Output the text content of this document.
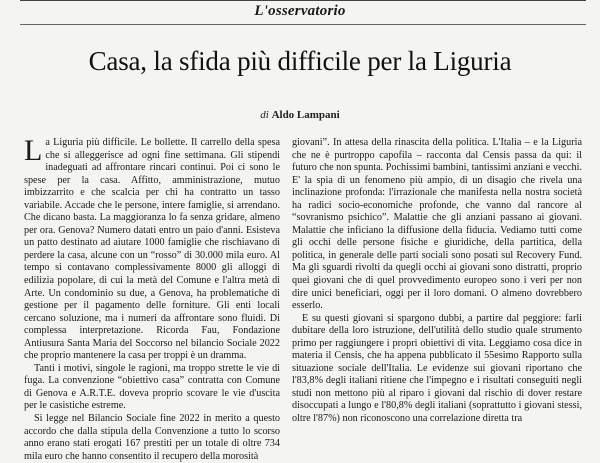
L'osservatorio
Casa, la sfida più difficile per la Liguria
di Aldo Lampani

La Liguria più difficile. Le bollette. Il carrello della spesa che si alleggerisce ad ogni fine settimana. Gli stipendi inadeguati ad affrontare rincari continui. Poi ci sono le spese per la casa. Affitto, amministrazione, mutuo imbizzarrito e che scalcia per chi ha contratto un tasso variabile. Accade che le persone, intere famiglie, si arrendano. Che dicano basta. La maggioranza lo fa senza gridare, almeno per ora. Genova? Numero datati entro un paio d'anni. Esisteva un patto destinato ad aiutare 1000 famiglie che rischiavano di perdere la casa, alcune con un “rosso” di 30.000 mila euro. Al tempo si contavano complessivamente 8000 gli alloggi di edilizia popolare, di cui la metà del Comune e l'altra metà di Arte. Un condominio su due, a Genova, ha problematiche di gestione per il pagamento delle forniture. Gli enti locali cercano soluzione, ma i numeri da affrontare sono fluidi. Di complessa interpretazione. Ricorda Fau, Fondazione Antiusura Santa Maria del Soccorso nel bilancio Sociale 2022 che proprio mantenere la casa per troppi è un dramma.

Tanti i motivi, singole le ragioni, ma troppo strette le vie di fuga. La convenzione “obiettivo casa” contratta con Comune di Genova e A.R.T.E. doveva proprio scovare le vie d'uscita per le casistiche estreme.

Si legge nel Bilancio Sociale fine 2022 in merito a questo accordo che dalla stipula della Convenzione a tutto lo scorso anno erano stati erogati 167 prestiti per un totale di oltre 734 mila euro che hanno consentito il recupero della morosità

giovani”. In attesa della rinascita della politica. L'Italia – e la Liguria che ne è purtroppo capofila – racconta dal Censis passa da qui: il futuro che non spunta. Pochissimi bambini, tantissimi anziani e vecchi. E' la spia di un fenomeno più ampio, di un disagio che rivela una inclinazione profonda: l'irrazionale che manifesta nella nostra società ha radici socio-economiche profonde, che vanno dal rancore al “sovranismo psichico”. Malattie che gli anziani passano ai giovani. Malattie che inficiano la diffusione della fiducia. Vediamo tutti come gli occhi delle persone fisiche e giuridiche, della partitica, della politica, in generale delle parti sociali sono posati sul Recovery Fund. Ma gli sguardi rivolti da quegli occhi ai giovani sono distratti, proprio quei giovani che di quel provvedimento europeo sono i veri per non dire unici beneficiari, oggi per il loro domani. O almeno dovrebbero esserlo.

E su questi giovani si spargono dubbi, a partire dal peggiore: farli dubitare della loro istruzione, dell'utilità dello studio quale strumento primo per raggiungere i propri obiettivi di vita. Leggiamo cosa dice in materia il Censis, che ha appena pubblicato il 55esimo Rapporto sulla situazione sociale dell'Italia. Le evidenze sui giovani riportano che l'83,8% degli italiani ritiene che l'impegno e i risultati conseguiti negli studi non mettono più al riparo i giovani dal rischio di dover restare disoccupati a lungo e l'80,8% degli italiani (soprattutto i giovani stessi, oltre l'87%) non riconoscono una correlazione diretta tra
